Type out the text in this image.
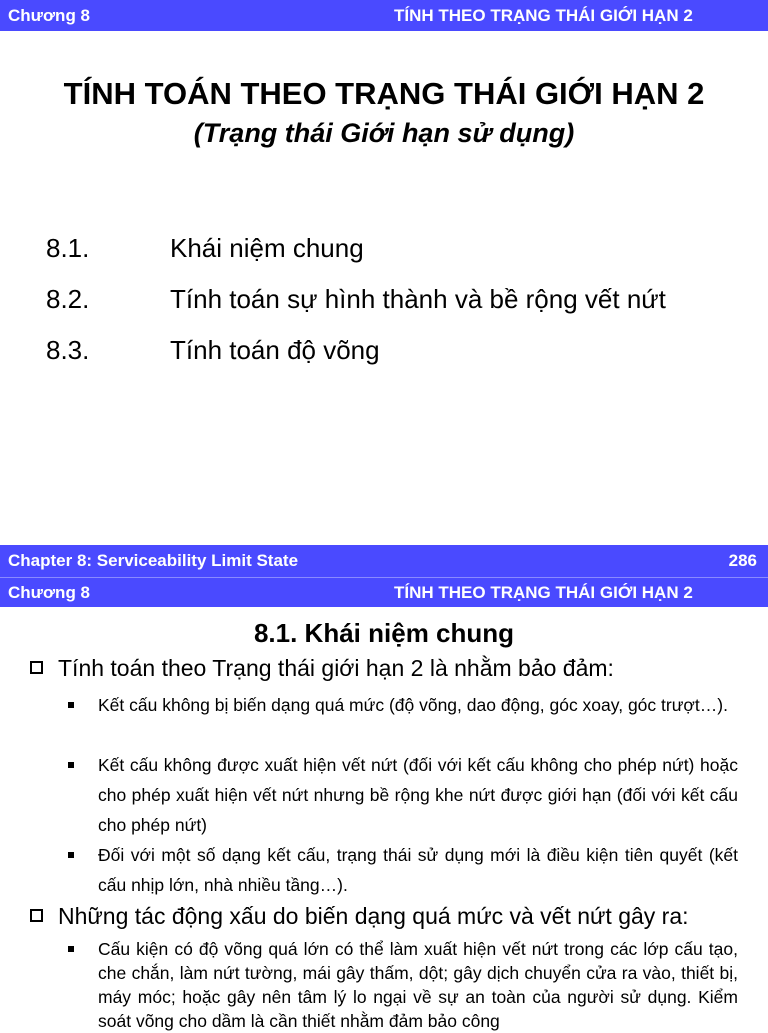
Chương 8	TÍNH THEO TRẠNG THÁI GIỚI HẠN 2
TÍNH TOÁN THEO TRẠNG THÁI GIỚI HẠN 2
(Trạng thái Giới hạn sử dụng)
8.1.	Khái niệm chung
8.2.	Tính toán sự hình thành và bề rộng vết nứt
8.3.	Tính toán độ võng
Chapter 8: Serviceability Limit State	286
Chương 8	TÍNH THEO TRẠNG THÁI GIỚI HẠN 2
8.1. Khái niệm chung
Tính toán theo Trạng thái giới hạn 2 là nhằm bảo đảm:
Kết cấu không bị biến dạng quá mức (độ võng, dao động, góc xoay, góc trượt…).
Kết cấu không được xuất hiện vết nứt (đối với kết cấu không cho phép nứt) hoặc cho phép xuất hiện vết nứt nhưng bề rộng khe nứt được giới hạn (đối với kết cấu cho phép nứt)
Đối với một số dạng kết cấu, trạng thái sử dụng mới là điều kiện tiên quyết (kết cấu nhịp lớn, nhà nhiều tầng…).
Những tác động xấu do biến dạng quá mức và vết nứt gây ra:
Cấu kiện có độ võng quá lớn có thể làm xuất hiện vết nứt trong các lớp cấu tạo, che chắn, làm nứt tường, mái gây thấm, dột; gây dịch chuyển cửa ra vào, thiết bị, máy móc; hoặc gây nên tâm lý lo ngại về sự an toàn của người sử dụng. Kiểm soát võng cho dầm là cần thiết nhằm đảm bảo công
